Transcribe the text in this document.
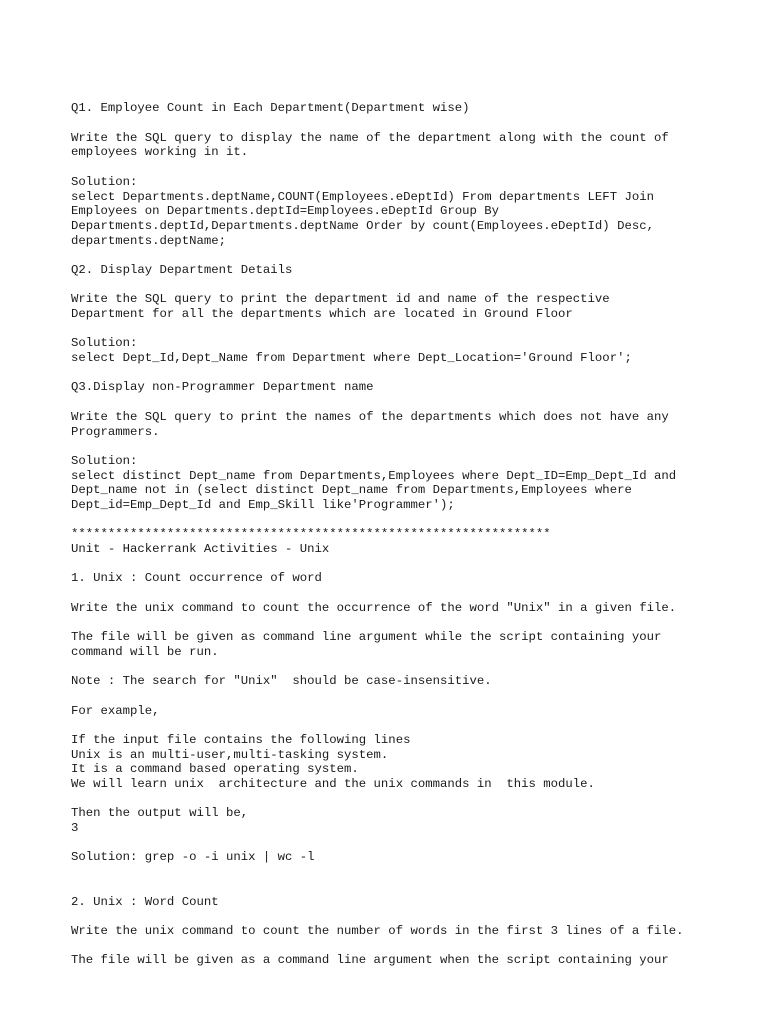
Q1. Employee Count in Each Department(Department wise)
Write the SQL query to display the name of the department along with the count of
employees working in it.
Solution:
select Departments.deptName,COUNT(Employees.eDeptId) From departments LEFT Join
Employees on Departments.deptId=Employees.eDeptId Group By
Departments.deptId,Departments.deptName Order by count(Employees.eDeptId) Desc,
departments.deptName;
Q2. Display Department Details
Write the SQL query to print the department id and name of the respective
Department for all the departments which are located in Ground Floor
Solution:
select Dept_Id,Dept_Name from Department where Dept_Location='Ground Floor';
Q3.Display non-Programmer Department name
Write the SQL query to print the names of the departments which does not have any
Programmers.
Solution:
select distinct Dept_name from Departments,Employees where Dept_ID=Emp_Dept_Id and
Dept_name not in (select distinct Dept_name from Departments,Employees where
Dept_id=Emp_Dept_Id and Emp_Skill like'Programmer');
*****************************************************************
Unit - Hackerrank Activities - Unix
1. Unix : Count occurrence of word
Write the unix command to count the occurrence of the word "Unix" in a given file.
The file will be given as command line argument while the script containing your
command will be run.
Note : The search for "Unix"  should be case-insensitive.
For example,
If the input file contains the following lines
Unix is an multi-user,multi-tasking system.
It is a command based operating system.
We will learn unix  architecture and the unix commands in  this module.
Then the output will be,
3
Solution: grep -o -i unix | wc -l
2. Unix : Word Count
Write the unix command to count the number of words in the first 3 lines of a file.
The file will be given as a command line argument when the script containing your
